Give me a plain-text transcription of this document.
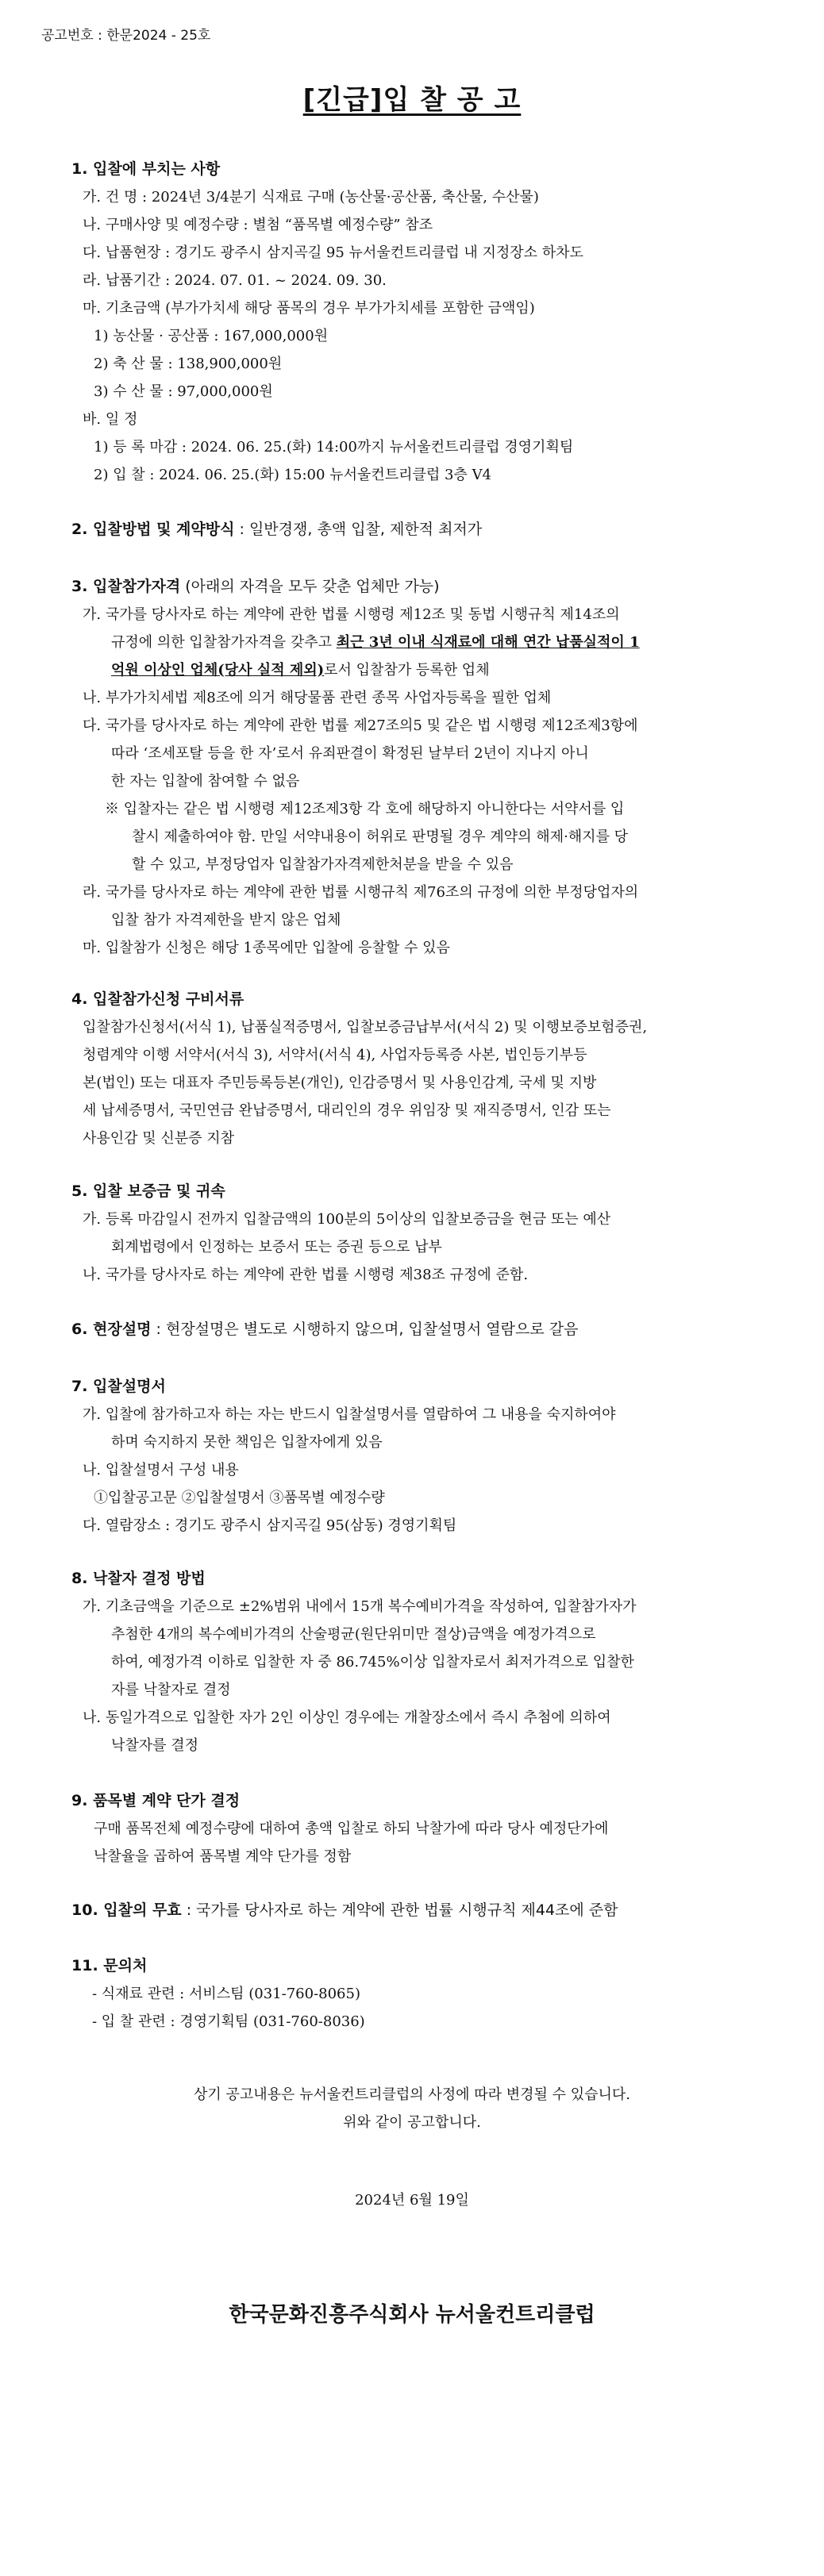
공고번호 : 한문2024 - 25호
[긴급]입 찰 공 고
1. 입찰에 부치는 사항
가. 건 명 : 2024년 3/4분기 식재료 구매 (농산물·공산품, 축산물, 수산물)
나. 구매사양 및 예정수량 : 별첨 “품목별 예정수량” 참조
다. 납품현장 : 경기도 광주시 삼지곡길 95 뉴서울컨트리클럽 내 지정장소 하차도
라. 납품기간 : 2024. 07. 01. ~ 2024. 09. 30.
마. 기초금액 (부가가치세 해당 품목의 경우 부가가치세를 포함한 금액임)
1) 농산물 · 공산품 : 167,000,000원
2) 축 산 물 : 138,900,000원
3) 수 산 물 : 97,000,000원
바. 일 정
1) 등 록 마감 : 2024. 06. 25.(화) 14:00까지 뉴서울컨트리클럽 경영기획팀
2) 입 찰 : 2024. 06. 25.(화) 15:00 뉴서울컨트리클럽 3층 V4
2. 입찰방법 및 계약방식 : 일반경쟁, 총액 입찰, 제한적 최저가
3. 입찰참가자격 (아래의 자격을 모두 갖춘 업체만 가능)
가. 국가를 당사자로 하는 계약에 관한 법률 시행령 제12조 및 동법 시행규칙 제14조의
규정에 의한 입찰참가자격을 갖추고 최근 3년 이내 식재료에 대해 연간 납품실적이 1
억원 이상인 업체(당사 실적 제외)로서 입찰참가 등록한 업체
나. 부가가치세법 제8조에 의거 해당물품 관련 종목 사업자등록을 필한 업체
다. 국가를 당사자로 하는 계약에 관한 법률 제27조의5 및 같은 법 시행령 제12조제3항에
따라 ‘조세포탈 등을 한 자’로서 유죄판결이 확정된 날부터 2년이 지나지 아니
한 자는 입찰에 참여할 수 없음
※ 입찰자는 같은 법 시행령 제12조제3항 각 호에 해당하지 아니한다는 서약서를 입
찰시 제출하여야 함. 만일 서약내용이 허위로 판명될 경우 계약의 해제·해지를 당
할 수 있고, 부정당업자 입찰참가자격제한처분을 받을 수 있음
라. 국가를 당사자로 하는 계약에 관한 법률 시행규칙 제76조의 규정에 의한 부정당업자의
입찰 참가 자격제한을 받지 않은 업체
마. 입찰참가 신청은 해당 1종목에만 입찰에 응찰할 수 있음
4. 입찰참가신청 구비서류
입찰참가신청서(서식 1), 납품실적증명서, 입찰보증금납부서(서식 2) 및 이행보증보험증권,
청렴계약 이행 서약서(서식 3), 서약서(서식 4), 사업자등록증 사본, 법인등기부등
본(법인) 또는 대표자 주민등록등본(개인), 인감증명서 및 사용인감계, 국세 및 지방
세 납세증명서, 국민연금 완납증명서, 대리인의 경우 위임장 및 재직증명서, 인감 또는
사용인감 및 신분증 지참
5. 입찰 보증금 및 귀속
가. 등록 마감일시 전까지 입찰금액의 100분의 5이상의 입찰보증금을 현금 또는 예산
회계법령에서 인정하는 보증서 또는 증권 등으로 납부
나. 국가를 당사자로 하는 계약에 관한 법률 시행령 제38조 규정에 준함.
6. 현장설명 : 현장설명은 별도로 시행하지 않으며, 입찰설명서 열람으로 갈음
7. 입찰설명서
가. 입찰에 참가하고자 하는 자는 반드시 입찰설명서를 열람하여 그 내용을 숙지하여야
하며 숙지하지 못한 책임은 입찰자에게 있음
나. 입찰설명서 구성 내용
①입찰공고문 ②입찰설명서 ③품목별 예정수량
다. 열람장소 : 경기도 광주시 삼지곡길 95(삼동) 경영기획팀
8. 낙찰자 결정 방법
가. 기초금액을 기준으로 ±2%범위 내에서 15개 복수예비가격을 작성하여, 입찰참가자가
추첨한 4개의 복수예비가격의 산술평균(원단위미만 절상)금액을 예정가격으로
하여, 예정가격 이하로 입찰한 자 중 86.745%이상 입찰자로서 최저가격으로 입찰한
자를 낙찰자로 결정
나. 동일가격으로 입찰한 자가 2인 이상인 경우에는 개찰장소에서 즉시 추첨에 의하여
낙찰자를 결정
9. 품목별 계약 단가 결정
구매 품목전체 예정수량에 대하여 총액 입찰로 하되 낙찰가에 따라 당사 예정단가에
낙찰율을 곱하여 품목별 계약 단가를 정함
10. 입찰의 무효 : 국가를 당사자로 하는 계약에 관한 법률 시행규칙 제44조에 준함
11. 문의처
- 식재료 관련 : 서비스팀 (031-760-8065)
- 입 찰 관련 : 경영기획팀 (031-760-8036)
상기 공고내용은 뉴서울컨트리클럽의 사정에 따라 변경될 수 있습니다.
위와 같이 공고합니다.
2024년 6월 19일
한국문화진흥주식회사 뉴서울컨트리클럽
